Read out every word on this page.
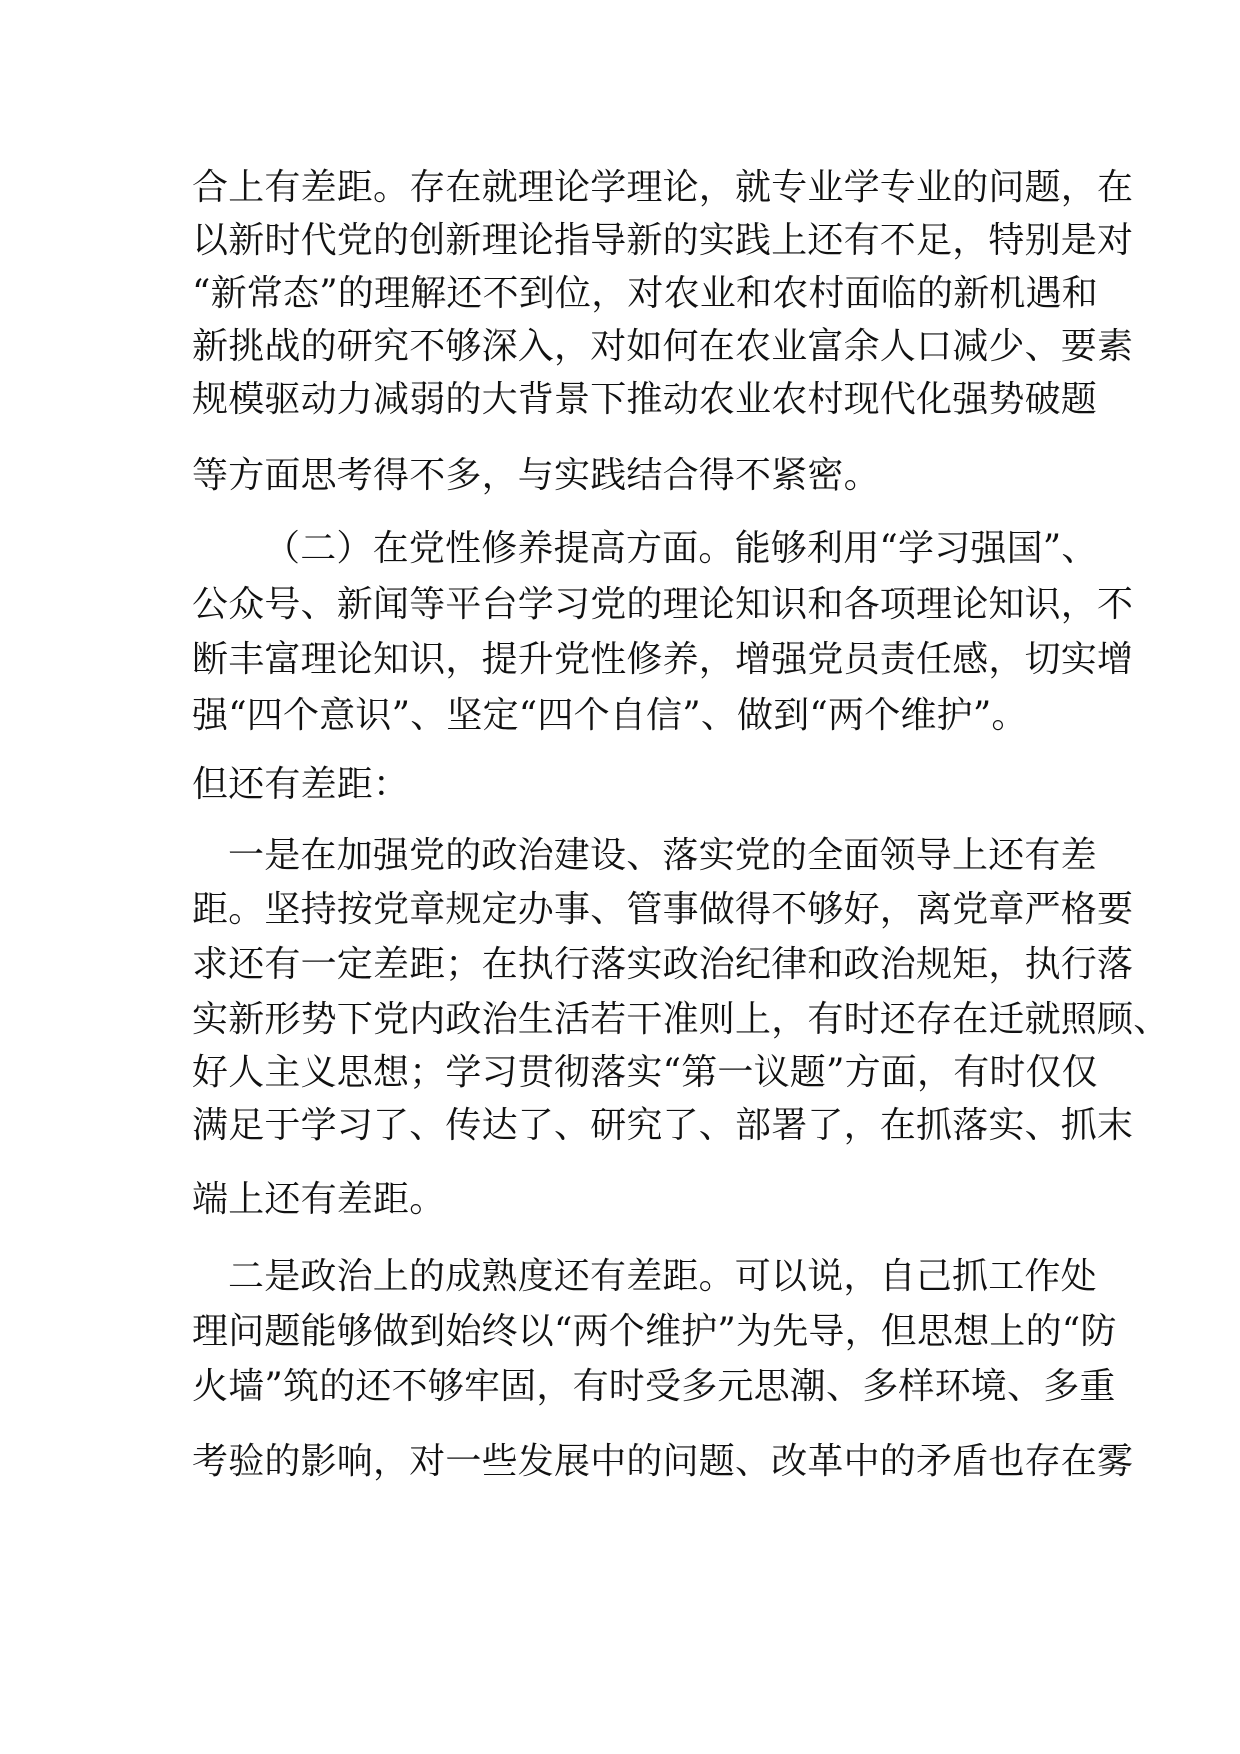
合上有差距。存在就理论学理论，就专业学专业的问题，在

以新时代党的创新理论指导新的实践上还有不足，特别是对

“新常态”的理解还不到位，对农业和农村面临的新机遇和

新挑战的研究不够深入，对如何在农业富余人口减少、要素

规模驱动力减弱的大背景下推动农业农村现代化强势破题

等方面思考得不多，与实践结合得不紧密。

（二）在党性修养提高方面。能够利用“学习强国”、

公众号、新闻等平台学习党的理论知识和各项理论知识，不

断丰富理论知识，提升党性修养，增强党员责任感，切实增

强“四个意识”、坚定“四个自信”、做到“两个维护”。

但还有差距：

一是在加强党的政治建设、落实党的全面领导上还有差

距。坚持按党章规定办事、管事做得不够好，离党章严格要

求还有一定差距；在执行落实政治纪律和政治规矩，执行落

实新形势下党内政治生活若干准则上，有时还存在迁就照顾、

好人主义思想；学习贯彻落实“第一议题”方面，有时仅仅

满足于学习了、传达了、研究了、部署了，在抓落实、抓末

端上还有差距。

二是政治上的成熟度还有差距。可以说，自己抓工作处

理问题能够做到始终以“两个维护”为先导，但思想上的“防

火墙”筑的还不够牢固，有时受多元思潮、多样环境、多重

考验的影响，对一些发展中的问题、改革中的矛盾也存在雾
